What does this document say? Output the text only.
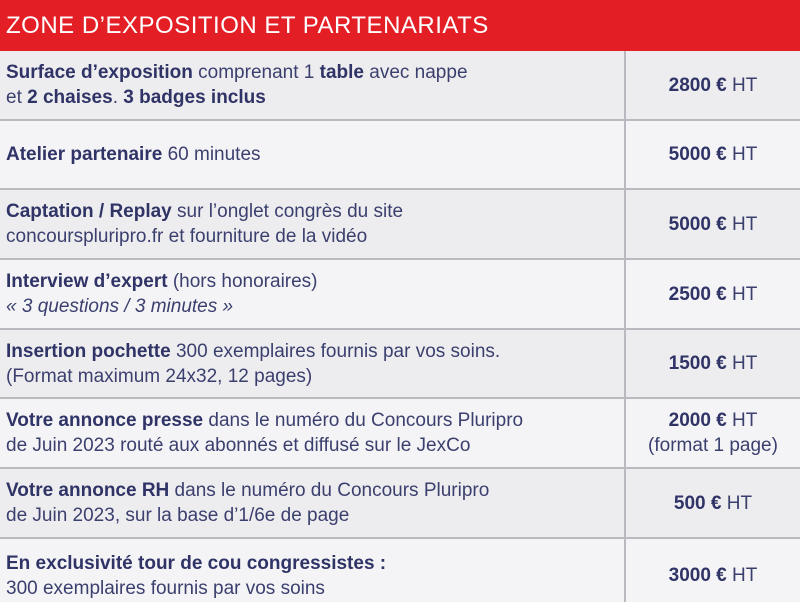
ZONE D’EXPOSITION ET PARTENARIATS
Surface d’exposition comprenant 1 table avec nappe
et 2 chaises. 3 badges inclus
2800 € HT
Atelier partenaire 60 minutes	5000 € HT
Captation / Replay sur l’onglet congrès du site
concourspluripro.fr et fourniture de la vidéo
5000 € HT
Interview d’expert (hors honoraires)
« 3 questions / 3 minutes »
2500 € HT
Insertion pochette 300 exemplaires fournis par vos soins.
(Format maximum 24x32, 12 pages)
1500 € HT
Votre annonce presse dans le numéro du Concours Pluripro
de Juin 2023 routé aux abonnés et diffusé sur le JexCo
2000 € HT
(format 1 page)
Votre annonce RH dans le numéro du Concours Pluripro
de Juin 2023, sur la base d’1/6e de page
500 € HT
En exclusivité tour de cou congressistes :
300 exemplaires fournis par vos soins
3000 € HT
